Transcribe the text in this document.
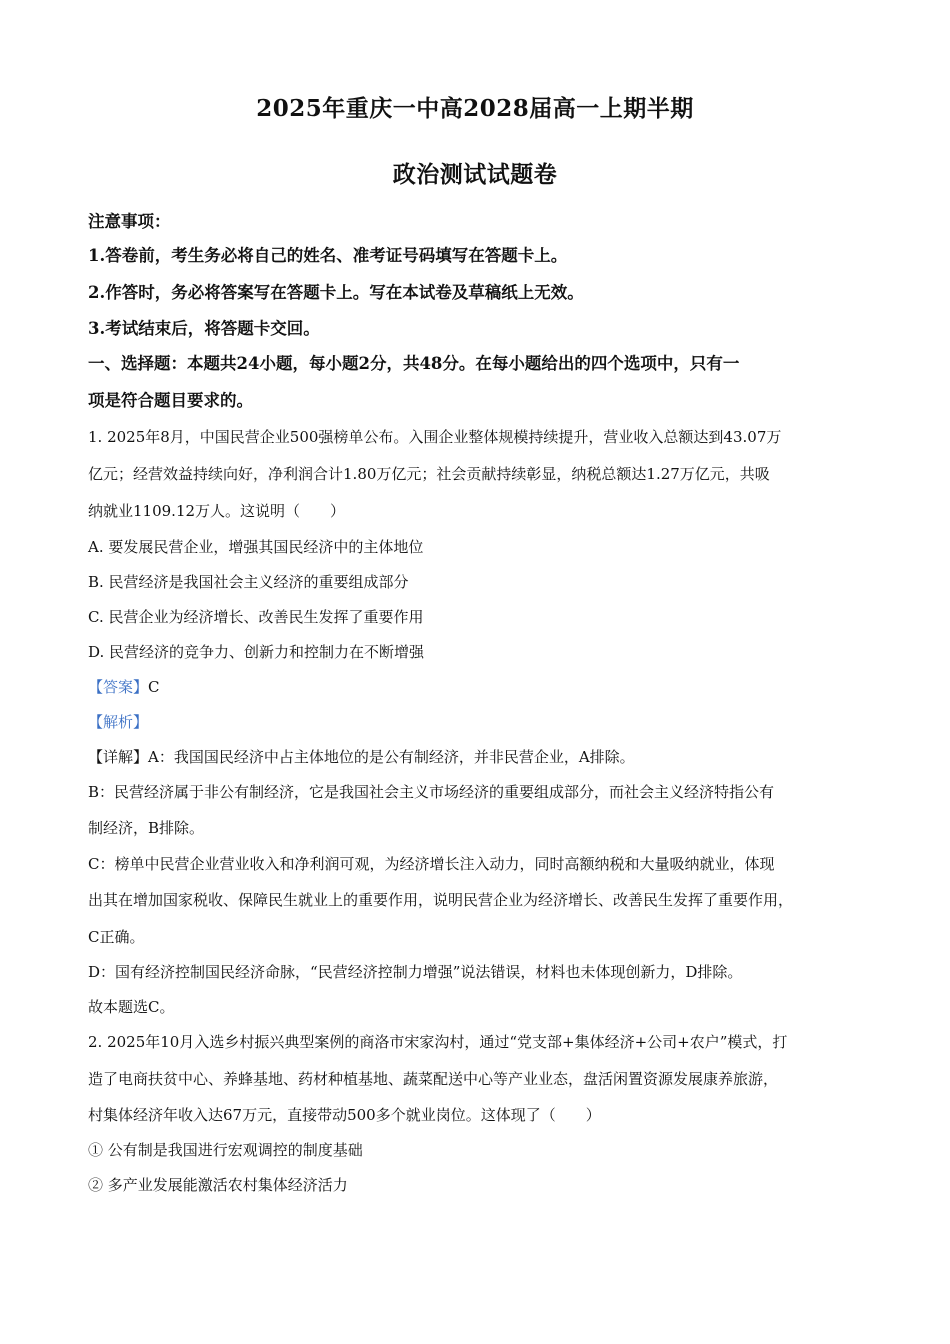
2025年重庆一中高2028届高一上期半期
政治测试试题卷
注意事项：
1.答卷前，考生务必将自己的姓名、准考证号码填写在答题卡上。
2.作答时，务必将答案写在答题卡上。写在本试卷及草稿纸上无效。
3.考试结束后，将答题卡交回。
一、选择题：本题共24小题，每小题2分，共48分。在每小题给出的四个选项中，只有一
项是符合题目要求的。
1. 2025年8月，中国民营企业500强榜单公布。入围企业整体规模持续提升，营业收入总额达到43.07万
亿元；经营效益持续向好，净利润合计1.80万亿元；社会贡献持续彰显，纳税总额达1.27万亿元，共吸
纳就业1109.12万人。这说明（　　）
A. 要发展民营企业，增强其国民经济中的主体地位
B. 民营经济是我国社会主义经济的重要组成部分
C. 民营企业为经济增长、改善民生发挥了重要作用
D. 民营经济的竞争力、创新力和控制力在不断增强
【答案】C
【解析】
【详解】A：我国国民经济中占主体地位的是公有制经济，并非民营企业，A排除。
B：民营经济属于非公有制经济，它是我国社会主义市场经济的重要组成部分，而社会主义经济特指公有
制经济，B排除。
C：榜单中民营企业营业收入和净利润可观，为经济增长注入动力，同时高额纳税和大量吸纳就业，体现
出其在增加国家税收、保障民生就业上的重要作用，说明民营企业为经济增长、改善民生发挥了重要作用，
C正确。
D：国有经济控制国民经济命脉，“民营经济控制力增强”说法错误，材料也未体现创新力，D排除。
故本题选C。
2. 2025年10月入选乡村振兴典型案例的商洛市宋家沟村，通过“党支部+集体经济+公司+农户”模式，打
造了电商扶贫中心、养蜂基地、药材种植基地、蔬菜配送中心等产业业态，盘活闲置资源发展康养旅游，
村集体经济年收入达67万元，直接带动500多个就业岗位。这体现了（　　）
① 公有制是我国进行宏观调控的制度基础
② 多产业发展能激活农村集体经济活力
